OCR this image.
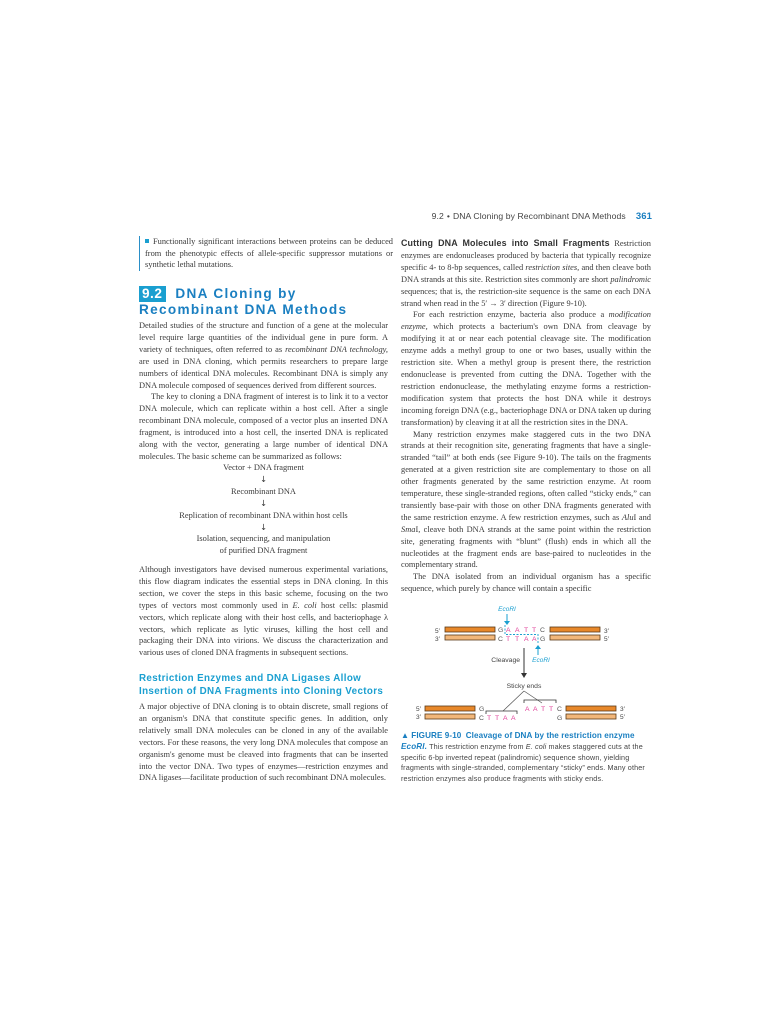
9.2 • DNA Cloning by Recombinant DNA Methods 361
Functionally significant interactions between proteins can be deduced from the phenotypic effects of allele-specific suppressor mutations or synthetic lethal mutations.
9.2 DNA Cloning by Recombinant DNA Methods

Detailed studies of the structure and function of a gene at the molecular level require large quantities of the individual gene in pure form. A variety of techniques, often referred to as recombinant DNA technology, are used in DNA cloning, which permits researchers to prepare large numbers of identical DNA molecules. Recombinant DNA is simply any DNA molecule composed of sequences derived from different sources.

The key to cloning a DNA fragment of interest is to link it to a vector DNA molecule, which can replicate within a host cell. After a single recombinant DNA molecule, composed of a vector plus an inserted DNA fragment, is introduced into a host cell, the inserted DNA is replicated along with the vector, generating a large number of identical DNA molecules. The basic scheme can be summarized as follows:

Vector + DNA fragment
↓
Recombinant DNA
↓
Replication of recombinant DNA within host cells
↓
Isolation, sequencing, and manipulation
of purified DNA fragment

Although investigators have devised numerous experimental variations, this flow diagram indicates the essential steps in DNA cloning. In this section, we cover the steps in this basic scheme, focusing on the two types of vectors most commonly used in E. coli host cells: plasmid vectors, which replicate along with their host cells, and bacteriophage λ vectors, which replicate as lytic viruses, killing the host cell and packaging their DNA into virions. We discuss the characterization and various uses of cloned DNA fragments in subsequent sections.

Restriction Enzymes and DNA Ligases Allow Insertion of DNA Fragments into Cloning Vectors

A major objective of DNA cloning is to obtain discrete, small regions of an organism's DNA that constitute specific genes. In addition, only relatively small DNA molecules can be cloned in any of the available vectors. For these reasons, the very long DNA molecules that compose an organism's genome must be cleaved into fragments that can be inserted into the vector DNA. Two types of enzymes—restriction enzymes and DNA ligases—facilitate production of such recombinant DNA molecules.

Cutting DNA Molecules into Small Fragments Restriction enzymes are endonucleases produced by bacteria that typically recognize specific 4- to 8-bp sequences, called restriction sites, and then cleave both DNA strands at this site. Restriction sites commonly are short palindromic sequences; that is, the restriction-site sequence is the same on each DNA strand when read in the 5′ → 3′ direction (Figure 9-10).

For each restriction enzyme, bacteria also produce a modification enzyme, which protects a bacterium's own DNA from cleavage by modifying it at or near each potential cleavage site. The modification enzyme adds a methyl group to one or two bases, usually within the restriction site. When a methyl group is present there, the restriction endonuclease is prevented from cutting the DNA. Together with the restriction endonuclease, the methylating enzyme forms a restriction-modification system that protects the host DNA while it destroys incoming foreign DNA (e.g., bacteriophage DNA or DNA taken up during transformation) by cleaving it at all the restriction sites in the DNA.

Many restriction enzymes make staggered cuts in the two DNA strands at their recognition site, generating fragments that have a single-stranded “tail” at both ends (see Figure 9-10). The tails on the fragments generated at a given restriction site are complementary to those on all other fragments generated by the same restriction enzyme. At room temperature, these single-stranded regions, often called “sticky ends,” can transiently base-pair with those on other DNA fragments generated with the same restriction enzyme. A few restriction enzymes, such as AluI and SmaI, cleave both DNA strands at the same point within the restriction site, generating fragments with “blunt” (flush) ends in which all the nucleotides at the fragment ends are base-paired to nucleotides in the complementary strand.

The DNA isolated from an individual organism has a specific sequence, which purely by chance will contain a specific

EcoRI
5′
3′
G A A T T C
C T T A A G
3′
5′
EcoRI
Cleavage
Sticky ends
5′
3′
G
C T T A A
A A T T C
G
3′
5′
▲ FIGURE 9-10 Cleavage of DNA by the restriction enzyme EcoRI. This restriction enzyme from E. coli makes staggered cuts at the specific 6-bp inverted repeat (palindromic) sequence shown, yielding fragments with single-stranded, complementary “sticky” ends. Many other restriction enzymes also produce fragments with sticky ends.
